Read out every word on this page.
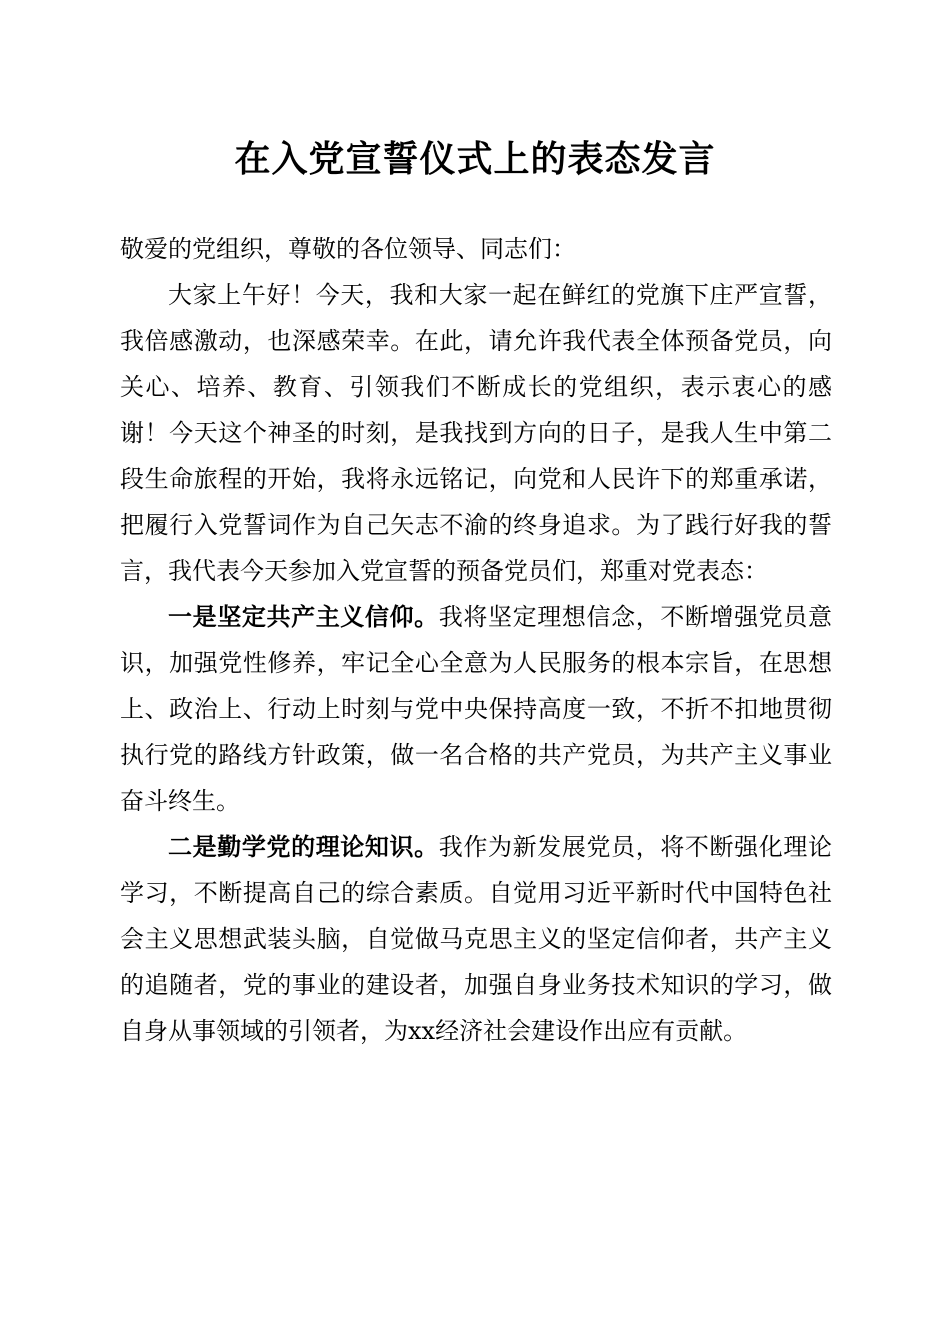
在入党宣誓仪式上的表态发言

敬爱的党组织，尊敬的各位领导、同志们：

大家上午好！今天，我和大家一起在鲜红的党旗下庄严宣誓，我倍感激动，也深感荣幸。在此，请允许我代表全体预备党员，向关心、培养、教育、引领我们不断成长的党组织，表示衷心的感谢！今天这个神圣的时刻，是我找到方向的日子，是我人生中第二段生命旅程的开始，我将永远铭记，向党和人民许下的郑重承诺，把履行入党誓词作为自己矢志不渝的终身追求。为了践行好我的誓言，我代表今天参加入党宣誓的预备党员们，郑重对党表态：

一是坚定共产主义信仰。我将坚定理想信念，不断增强党员意识，加强党性修养，牢记全心全意为人民服务的根本宗旨，在思想上、政治上、行动上时刻与党中央保持高度一致，不折不扣地贯彻执行党的路线方针政策，做一名合格的共产党员，为共产主义事业奋斗终生。

二是勤学党的理论知识。我作为新发展党员，将不断强化理论学习，不断提高自己的综合素质。自觉用习近平新时代中国特色社会主义思想武装头脑，自觉做马克思主义的坚定信仰者，共产主义的追随者，党的事业的建设者，加强自身业务技术知识的学习，做自身从事领域的引领者，为xx经济社会建设作出应有贡献。
